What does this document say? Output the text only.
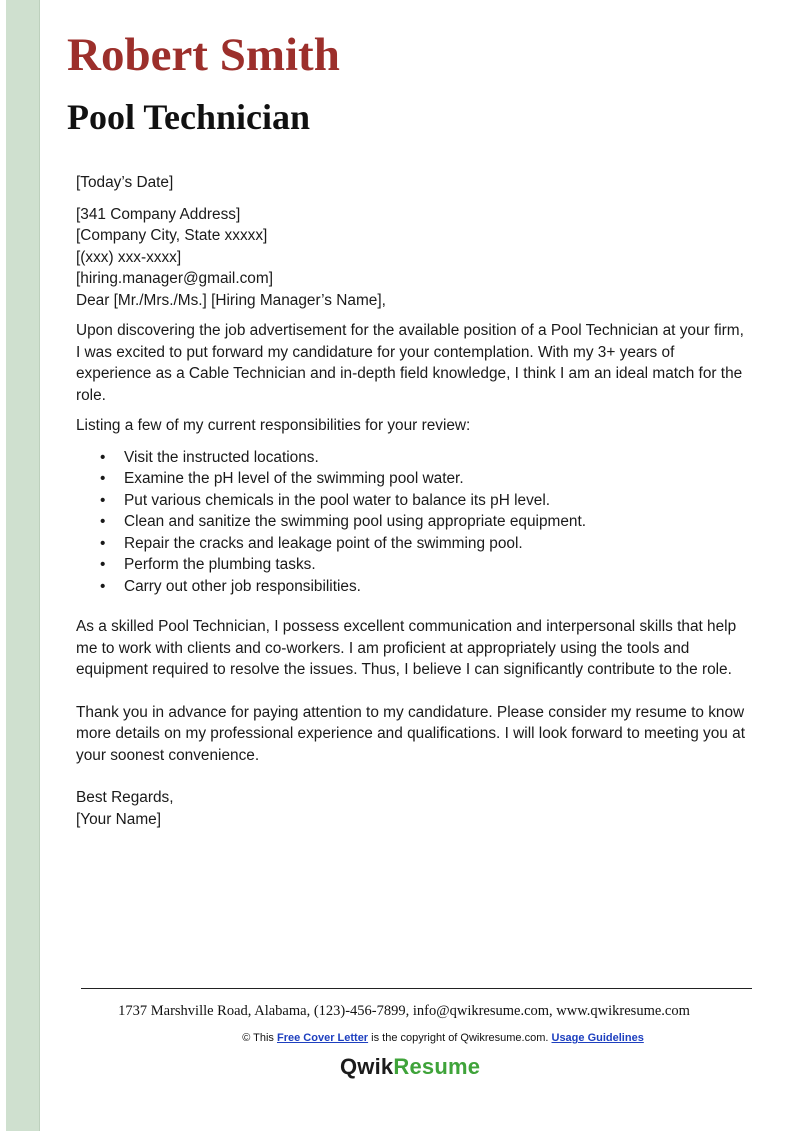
Robert Smith
Pool Technician
[Today’s Date]
[341 Company Address]
[Company City, State xxxxx]
[(xxx) xxx-xxxx]
[hiring.manager@gmail.com]

Dear [Mr./Mrs./Ms.] [Hiring Manager’s Name],

Upon discovering the job advertisement for the available position of a Pool Technician at your firm, I was excited to put forward my candidature for your contemplation. With my 3+ years of experience as a Cable Technician and in-depth field knowledge, I think I am an ideal match for the role.

Listing a few of my current responsibilities for your review:

• Visit the instructed locations.
• Examine the pH level of the swimming pool water.
• Put various chemicals in the pool water to balance its pH level.
• Clean and sanitize the swimming pool using appropriate equipment.
• Repair the cracks and leakage point of the swimming pool.
• Perform the plumbing tasks.
• Carry out other job responsibilities.

As a skilled Pool Technician, I possess excellent communication and interpersonal skills that help me to work with clients and co-workers. I am proficient at appropriately using the tools and equipment required to resolve the issues. Thus, I believe I can significantly contribute to the role.

Thank you in advance for paying attention to my candidature. Please consider my resume to know more details on my professional experience and qualifications. I will look forward to meeting you at your soonest convenience.

Best Regards,
[Your Name]
1737 Marshville Road, Alabama, (123)-456-7899, info@qwikresume.com, www.qwikresume.com
© This Free Cover Letter is the copyright of Qwikresume.com. Usage Guidelines
QwikResume
